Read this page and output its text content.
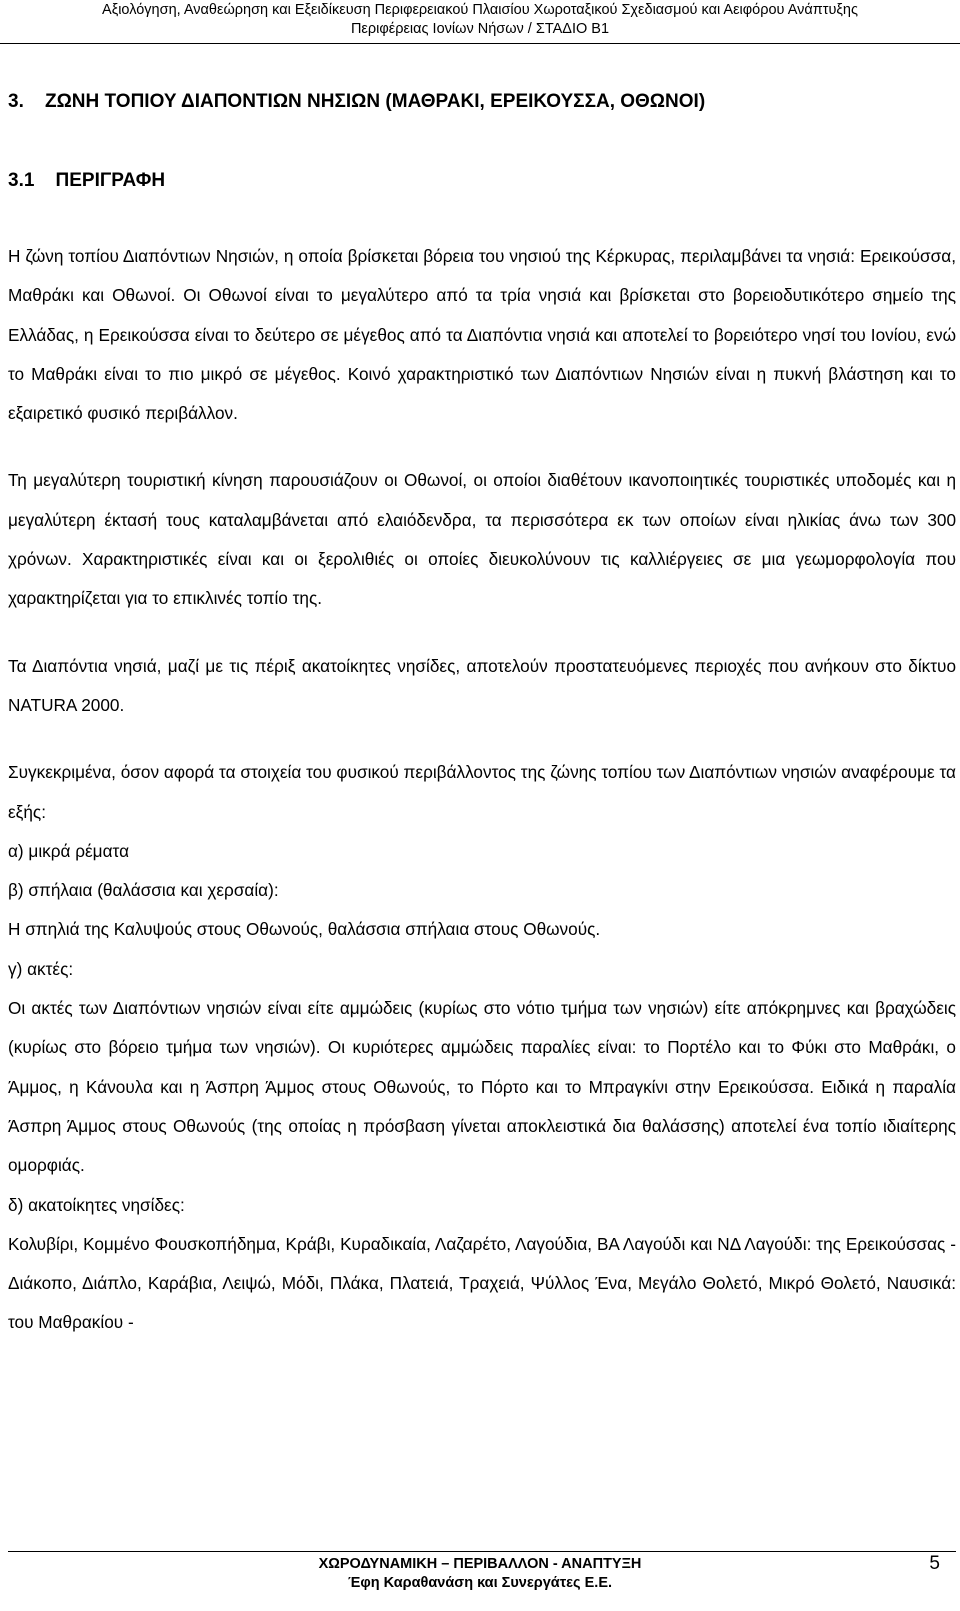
Αξιολόγηση, Αναθεώρηση και Εξειδίκευση Περιφερειακού Πλαισίου Χωροταξικού Σχεδιασμού και Αειφόρου Ανάπτυξης
Περιφέρειας Ιονίων Νήσων / ΣΤΑΔΙΟ Β1
3.    ΖΩΝΗ ΤΟΠΙΟΥ ΔΙΑΠΟΝΤΙΩΝ ΝΗΣΙΩΝ (ΜΑΘΡΑΚΙ, ΕΡΕΙΚΟΥΣΣΑ, ΟΘΩΝΟΙ)
3.1    ΠΕΡΙΓΡΑΦΗ

Η ζώνη τοπίου Διαπόντιων Νησιών, η οποία βρίσκεται βόρεια του νησιού της Κέρκυρας, περιλαμβάνει τα νησιά: Ερεικούσσα, Μαθράκι και Οθωνοί. Οι Οθωνοί είναι το μεγαλύτερο από τα τρία νησιά και βρίσκεται στο βορειοδυτικότερο σημείο της Ελλάδας, η Ερεικούσσα είναι το δεύτερο σε μέγεθος από τα Διαπόντια νησιά και αποτελεί το βορειότερο νησί του Ιονίου, ενώ το Μαθράκι είναι το πιο μικρό σε μέγεθος. Κοινό χαρακτηριστικό των Διαπόντιων Νησιών είναι η πυκνή βλάστηση και το εξαιρετικό φυσικό περιβάλλον.

Τη μεγαλύτερη τουριστική κίνηση παρουσιάζουν οι Οθωνοί, οι οποίοι διαθέτουν ικανοποιητικές τουριστικές υποδομές και η μεγαλύτερη έκτασή τους καταλαμβάνεται από ελαιόδενδρα, τα περισσότερα εκ των οποίων είναι ηλικίας άνω των 300 χρόνων. Χαρακτηριστικές είναι και οι ξερολιθιές οι οποίες διευκολύνουν τις καλλιέργειες σε μια γεωμορφολογία που χαρακτηρίζεται για το επικλινές τοπίο της.

Τα Διαπόντια νησιά, μαζί με τις πέριξ ακατοίκητες νησίδες, αποτελούν προστατευόμενες περιοχές που ανήκουν στο δίκτυο NATURA 2000.

Συγκεκριμένα, όσον αφορά τα στοιχεία του φυσικού περιβάλλοντος της ζώνης τοπίου των Διαπόντιων νησιών αναφέρουμε τα εξής:

α) μικρά ρέματα

β) σπήλαια (θαλάσσια και χερσαία):

Η σπηλιά της Καλυψούς στους Οθωνούς, θαλάσσια σπήλαια στους Οθωνούς.

γ) ακτές:

Οι ακτές των Διαπόντιων νησιών είναι είτε αμμώδεις (κυρίως στο νότιο τμήμα των νησιών) είτε απόκρημνες και βραχώδεις (κυρίως στο βόρειο τμήμα των νησιών). Οι κυριότερες αμμώδεις παραλίες είναι: το Πορτέλο και το Φύκι στο Μαθράκι, ο Άμμος, η Κάνουλα και η Άσπρη Άμμος στους Οθωνούς, το Πόρτο και το Μπραγκίνι στην Ερεικούσσα. Ειδικά η παραλία Άσπρη Άμμος στους Οθωνούς (της οποίας η πρόσβαση γίνεται αποκλειστικά δια θαλάσσης) αποτελεί ένα τοπίο ιδιαίτερης ομορφιάς.

δ) ακατοίκητες νησίδες:

Κολυβίρι, Κομμένο Φουσκοπήδημα, Κράβι, Κυραδικαία, Λαζαρέτο, Λαγούδια, ΒΑ Λαγούδι και ΝΔ Λαγούδι: της Ερεικούσσας - Διάκοπο, Διάπλο, Καράβια, Λειψώ, Μόδι, Πλάκα, Πλατειά, Τραχειά, Ψύλλος Ένα, Μεγάλο Θολετό, Μικρό Θολετό, Ναυσικά: του Μαθρακίου -

ΧΩΡΟΔΥΝΑΜΙΚΗ – ΠΕΡΙΒΑΛΛΟΝ - ΑΝΑΠΤΥΞΗ
Έφη Καραθανάση και Συνεργάτες Ε.Ε.
5
